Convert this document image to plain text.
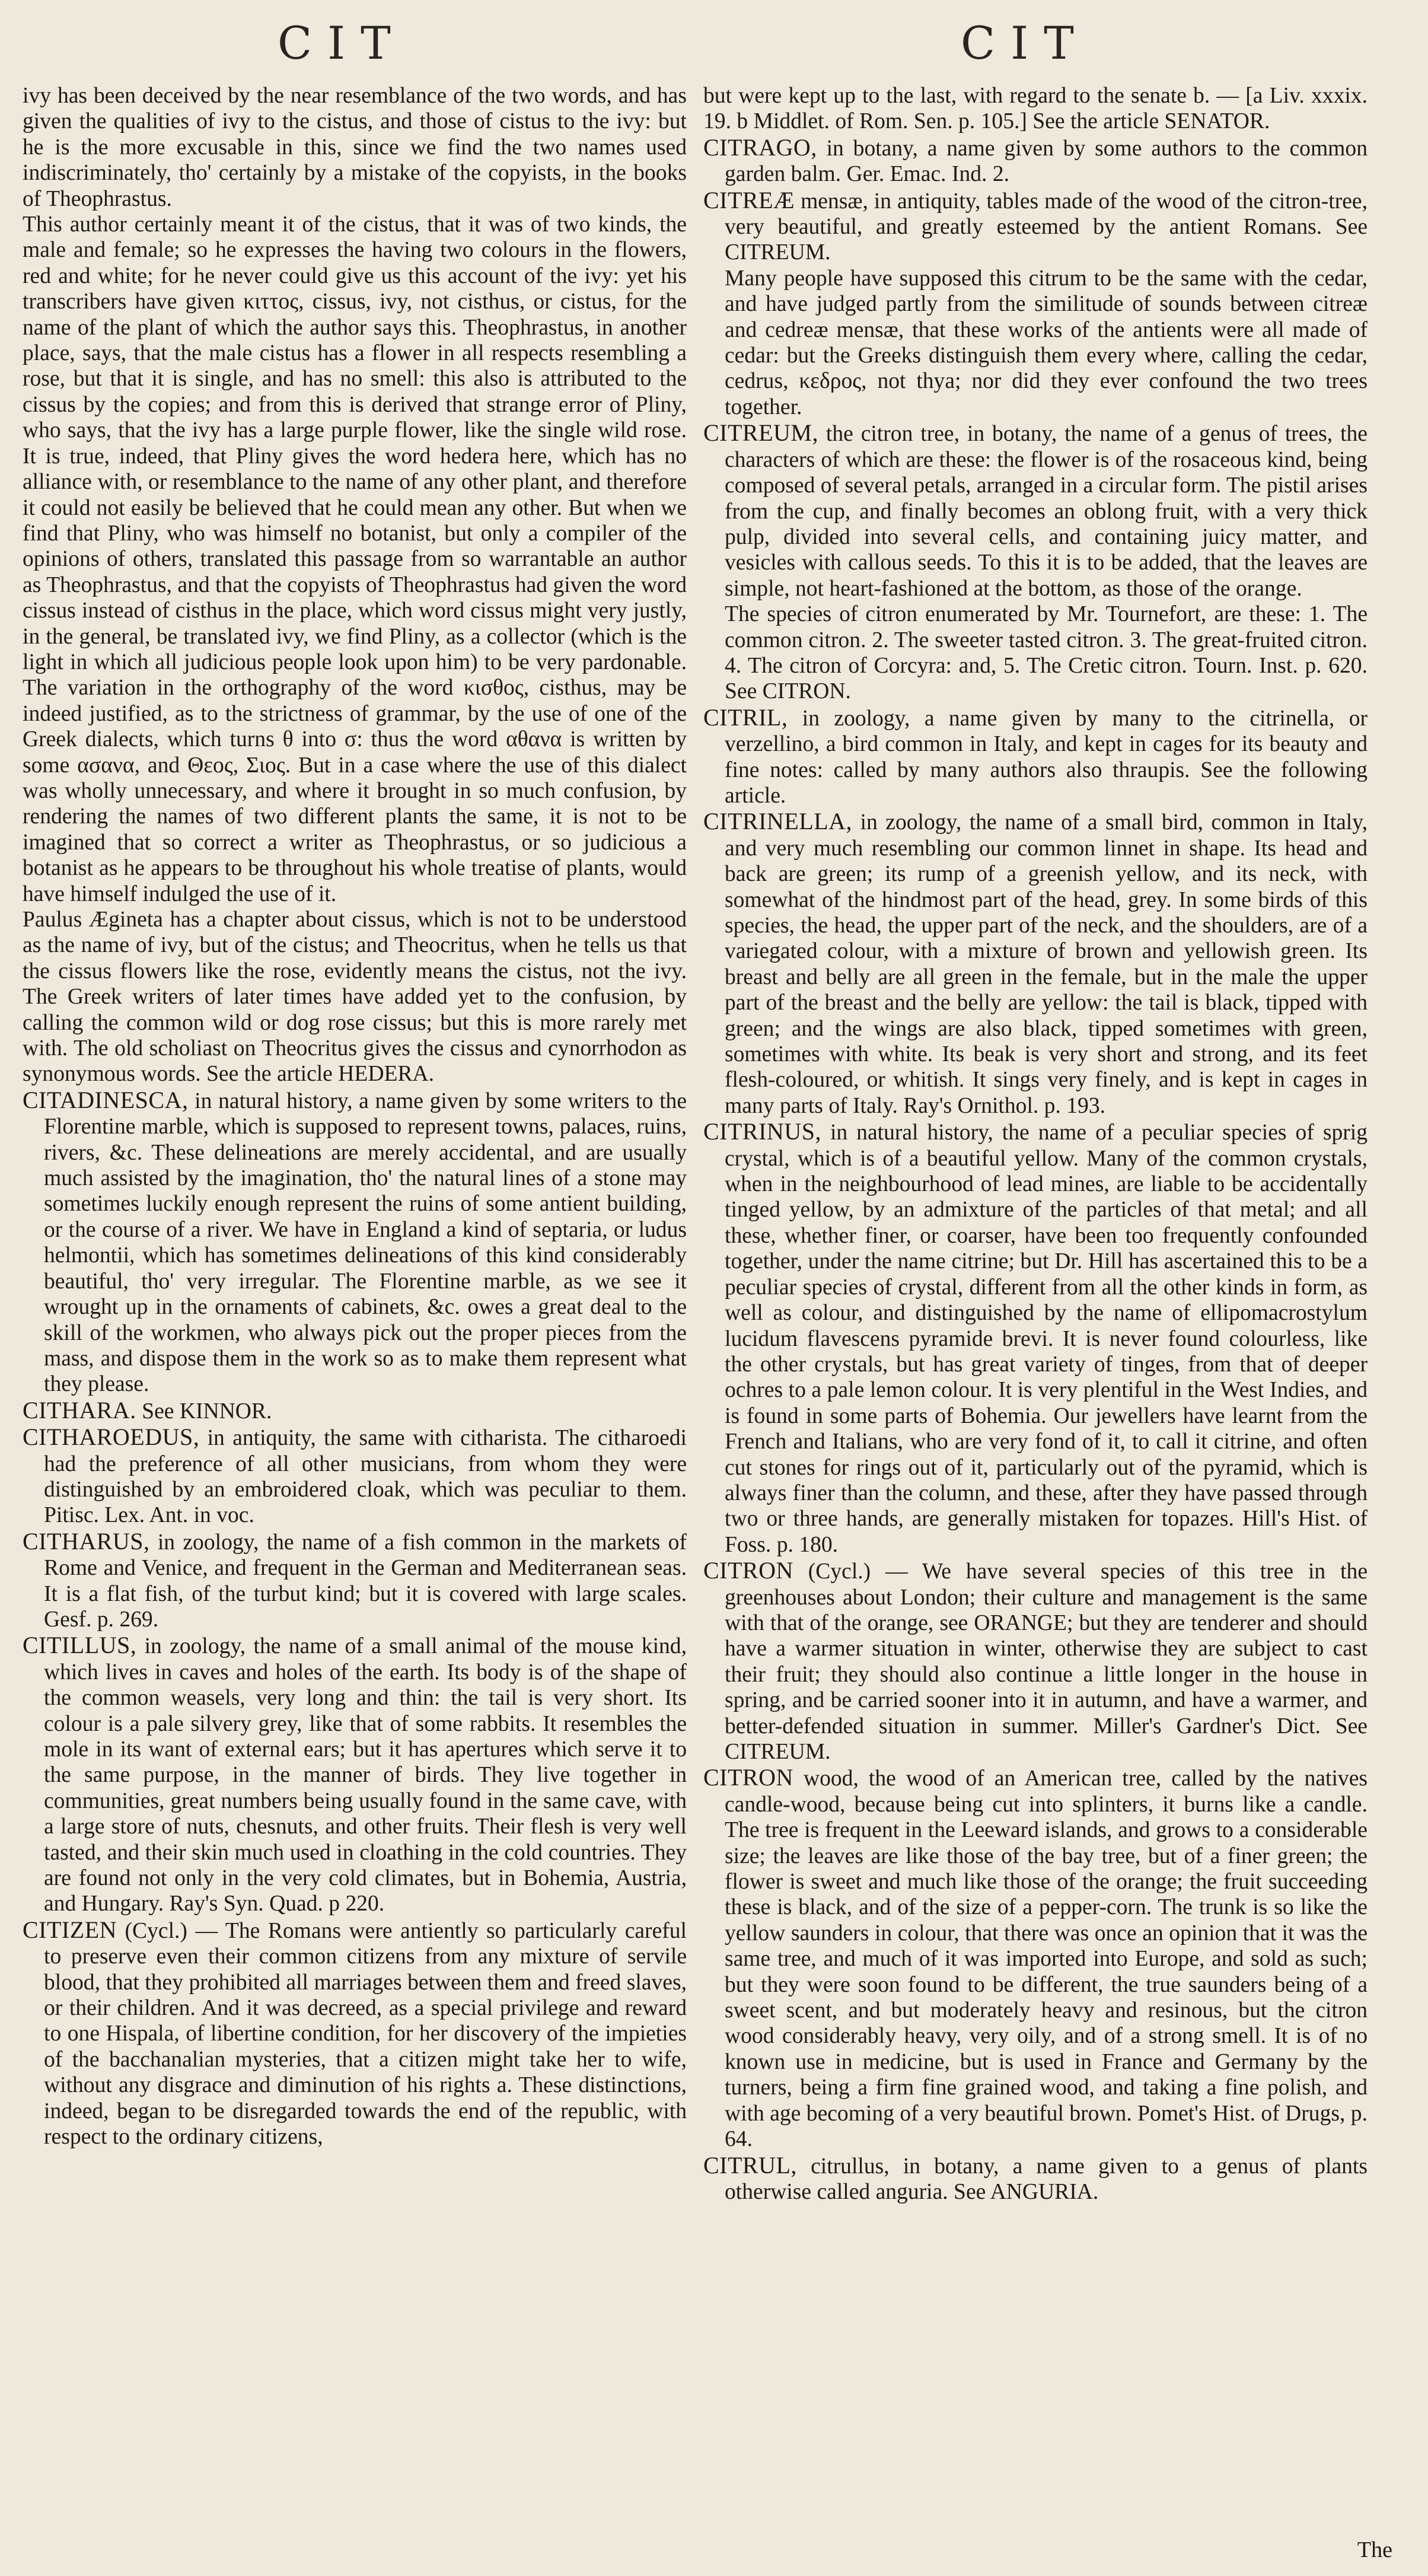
CIT	CIT

ivy has been deceived by the near resemblance of the two words, and has given the qualities of ivy to the cistus, and those of cistus to the ivy: but he is the more excusable in this, since we find the two names used indiscriminately, tho' certainly by a mistake of the copyists, in the books of Theophrastus.

This author certainly meant it of the cistus, that it was of two kinds, the male and female; so he expresses the having two colours in the flowers, red and white; for he never could give us this account of the ivy: yet his transcribers have given κιττος, cissus, ivy, not cisthus, or cistus, for the name of the plant of which the author says this. Theophrastus, in another place, says, that the male cistus has a flower in all respects resembling a rose, but that it is single, and has no smell: this also is attributed to the cissus by the copies; and from this is derived that strange error of Pliny, who says, that the ivy has a large purple flower, like the single wild rose. It is true, indeed, that Pliny gives the word hedera here, which has no alliance with, or resemblance to the name of any other plant, and therefore it could not easily be believed that he could mean any other. But when we find that Pliny, who was himself no botanist, but only a compiler of the opinions of others, translated this passage from so warrantable an author as Theophrastus, and that the copyists of Theophrastus had given the word cissus instead of cisthus in the place, which word cissus might very justly, in the general, be translated ivy, we find Pliny, as a collector (which is the light in which all judicious people look upon him) to be very pardonable. The variation in the orthography of the word κισθος, cisthus, may be indeed justified, as to the strictness of grammar, by the use of one of the Greek dialects, which turns θ into σ: thus the word αθανα is written by some ασανα, and Θεος, Σιος. But in a case where the use of this dialect was wholly unnecessary, and where it brought in so much confusion, by rendering the names of two different plants the same, it is not to be imagined that so correct a writer as Theophrastus, or so judicious a botanist as he appears to be throughout his whole treatise of plants, would have himself indulged the use of it.

Paulus Ægineta has a chapter about cissus, which is not to be understood as the name of ivy, but of the cistus; and Theocritus, when he tells us that the cissus flowers like the rose, evidently means the cistus, not the ivy. The Greek writers of later times have added yet to the confusion, by calling the common wild or dog rose cissus; but this is more rarely met with. The old scholiast on Theocritus gives the cissus and cynorrhodon as synonymous words. See the article HEDERA.

CITADINESCA, in natural history, a name given by some writers to the Florentine marble, which is supposed to represent towns, palaces, ruins, rivers, &c. These delineations are merely accidental, and are usually much assisted by the imagination, tho' the natural lines of a stone may sometimes luckily enough represent the ruins of some antient building, or the course of a river. We have in England a kind of septaria, or ludus helmontii, which has sometimes delineations of this kind considerably beautiful, tho' very irregular. The Florentine marble, as we see it wrought up in the ornaments of cabinets, &c. owes a great deal to the skill of the workmen, who always pick out the proper pieces from the mass, and dispose them in the work so as to make them represent what they please.

CITHARA. See KINNOR.

CITHAROEDUS, in antiquity, the same with citharista. The citharoedi had the preference of all other musicians, from whom they were distinguished by an embroidered cloak, which was peculiar to them. Pitisc. Lex. Ant. in voc.

CITHARUS, in zoology, the name of a fish common in the markets of Rome and Venice, and frequent in the German and Mediterranean seas. It is a flat fish, of the turbut kind; but it is covered with large scales. Gesf. p. 269.

CITILLUS, in zoology, the name of a small animal of the mouse kind, which lives in caves and holes of the earth. Its body is of the shape of the common weasels, very long and thin: the tail is very short. Its colour is a pale silvery grey, like that of some rabbits. It resembles the mole in its want of external ears; but it has apertures which serve it to the same purpose, in the manner of birds. They live together in communities, great numbers being usually found in the same cave, with a large store of nuts, chesnuts, and other fruits. Their flesh is very well tasted, and their skin much used in cloathing in the cold countries. They are found not only in the very cold climates, but in Bohemia, Austria, and Hungary. Ray's Syn. Quad. p 220.

CITIZEN (Cycl.) — The Romans were antiently so particularly careful to preserve even their common citizens from any mixture of servile blood, that they prohibited all marriages between them and freed slaves, or their children. And it was decreed, as a special privilege and reward to one Hispala, of libertine condition, for her discovery of the impieties of the bacchanalian mysteries, that a citizen might take her to wife, without any disgrace and diminution of his rights a. These distinctions, indeed, began to be disregarded towards the end of the republic, with respect to the ordinary citizens,

but were kept up to the last, with regard to the senate b. — [a Liv. xxxix. 19. b Middlet. of Rom. Sen. p. 105.] See the article SENATOR.

CITRAGO, in botany, a name given by some authors to the common garden balm. Ger. Emac. Ind. 2.

CITREÆ mensæ, in antiquity, tables made of the wood of the citron-tree, very beautiful, and greatly esteemed by the antient Romans. See CITREUM.

Many people have supposed this citrum to be the same with the cedar, and have judged partly from the similitude of sounds between citreæ and cedreæ mensæ, that these works of the antients were all made of cedar: but the Greeks distinguish them every where, calling the cedar, cedrus, κεδρος, not thya; nor did they ever confound the two trees together.

CITREUM, the citron tree, in botany, the name of a genus of trees, the characters of which are these: the flower is of the rosaceous kind, being composed of several petals, arranged in a circular form. The pistil arises from the cup, and finally becomes an oblong fruit, with a very thick pulp, divided into several cells, and containing juicy matter, and vesicles with callous seeds. To this it is to be added, that the leaves are simple, not heart-fashioned at the bottom, as those of the orange.

The species of citron enumerated by Mr. Tournefort, are these: 1. The common citron. 2. The sweeter tasted citron. 3. The great-fruited citron. 4. The citron of Corcyra: and, 5. The Cretic citron. Tourn. Inst. p. 620. See CITRON.

CITRIL, in zoology, a name given by many to the citrinella, or verzellino, a bird common in Italy, and kept in cages for its beauty and fine notes: called by many authors also thraupis. See the following article.

CITRINELLA, in zoology, the name of a small bird, common in Italy, and very much resembling our common linnet in shape. Its head and back are green; its rump of a greenish yellow, and its neck, with somewhat of the hindmost part of the head, grey. In some birds of this species, the head, the upper part of the neck, and the shoulders, are of a variegated colour, with a mixture of brown and yellowish green. Its breast and belly are all green in the female, but in the male the upper part of the breast and the belly are yellow: the tail is black, tipped with green; and the wings are also black, tipped sometimes with green, sometimes with white. Its beak is very short and strong, and its feet flesh-coloured, or whitish. It sings very finely, and is kept in cages in many parts of Italy. Ray's Ornithol. p. 193.

CITRINUS, in natural history, the name of a peculiar species of sprig crystal, which is of a beautiful yellow. Many of the common crystals, when in the neighbourhood of lead mines, are liable to be accidentally tinged yellow, by an admixture of the particles of that metal; and all these, whether finer, or coarser, have been too frequently confounded together, under the name citrine; but Dr. Hill has ascertained this to be a peculiar species of crystal, different from all the other kinds in form, as well as colour, and distinguished by the name of ellipomacrostylum lucidum flavescens pyramide brevi. It is never found colourless, like the other crystals, but has great variety of tinges, from that of deeper ochres to a pale lemon colour. It is very plentiful in the West Indies, and is found in some parts of Bohemia. Our jewellers have learnt from the French and Italians, who are very fond of it, to call it citrine, and often cut stones for rings out of it, particularly out of the pyramid, which is always finer than the column, and these, after they have passed through two or three hands, are generally mistaken for topazes. Hill's Hist. of Foss. p. 180.

CITRON (Cycl.) — We have several species of this tree in the greenhouses about London; their culture and management is the same with that of the orange, see ORANGE; but they are tenderer and should have a warmer situation in winter, otherwise they are subject to cast their fruit; they should also continue a little longer in the house in spring, and be carried sooner into it in autumn, and have a warmer, and better-defended situation in summer. Miller's Gardner's Dict. See CITREUM.

CITRON wood, the wood of an American tree, called by the natives candle-wood, because being cut into splinters, it burns like a candle. The tree is frequent in the Leeward islands, and grows to a considerable size; the leaves are like those of the bay tree, but of a finer green; the flower is sweet and much like those of the orange; the fruit succeeding these is black, and of the size of a pepper-corn. The trunk is so like the yellow saunders in colour, that there was once an opinion that it was the same tree, and much of it was imported into Europe, and sold as such; but they were soon found to be different, the true saunders being of a sweet scent, and but moderately heavy and resinous, but the citron wood considerably heavy, very oily, and of a strong smell. It is of no known use in medicine, but is used in France and Germany by the turners, being a firm fine grained wood, and taking a fine polish, and with age becoming of a very beautiful brown. Pomet's Hist. of Drugs, p. 64.

CITRUL, citrullus, in botany, a name given to a genus of plants otherwise called anguria. See ANGURIA.

The
